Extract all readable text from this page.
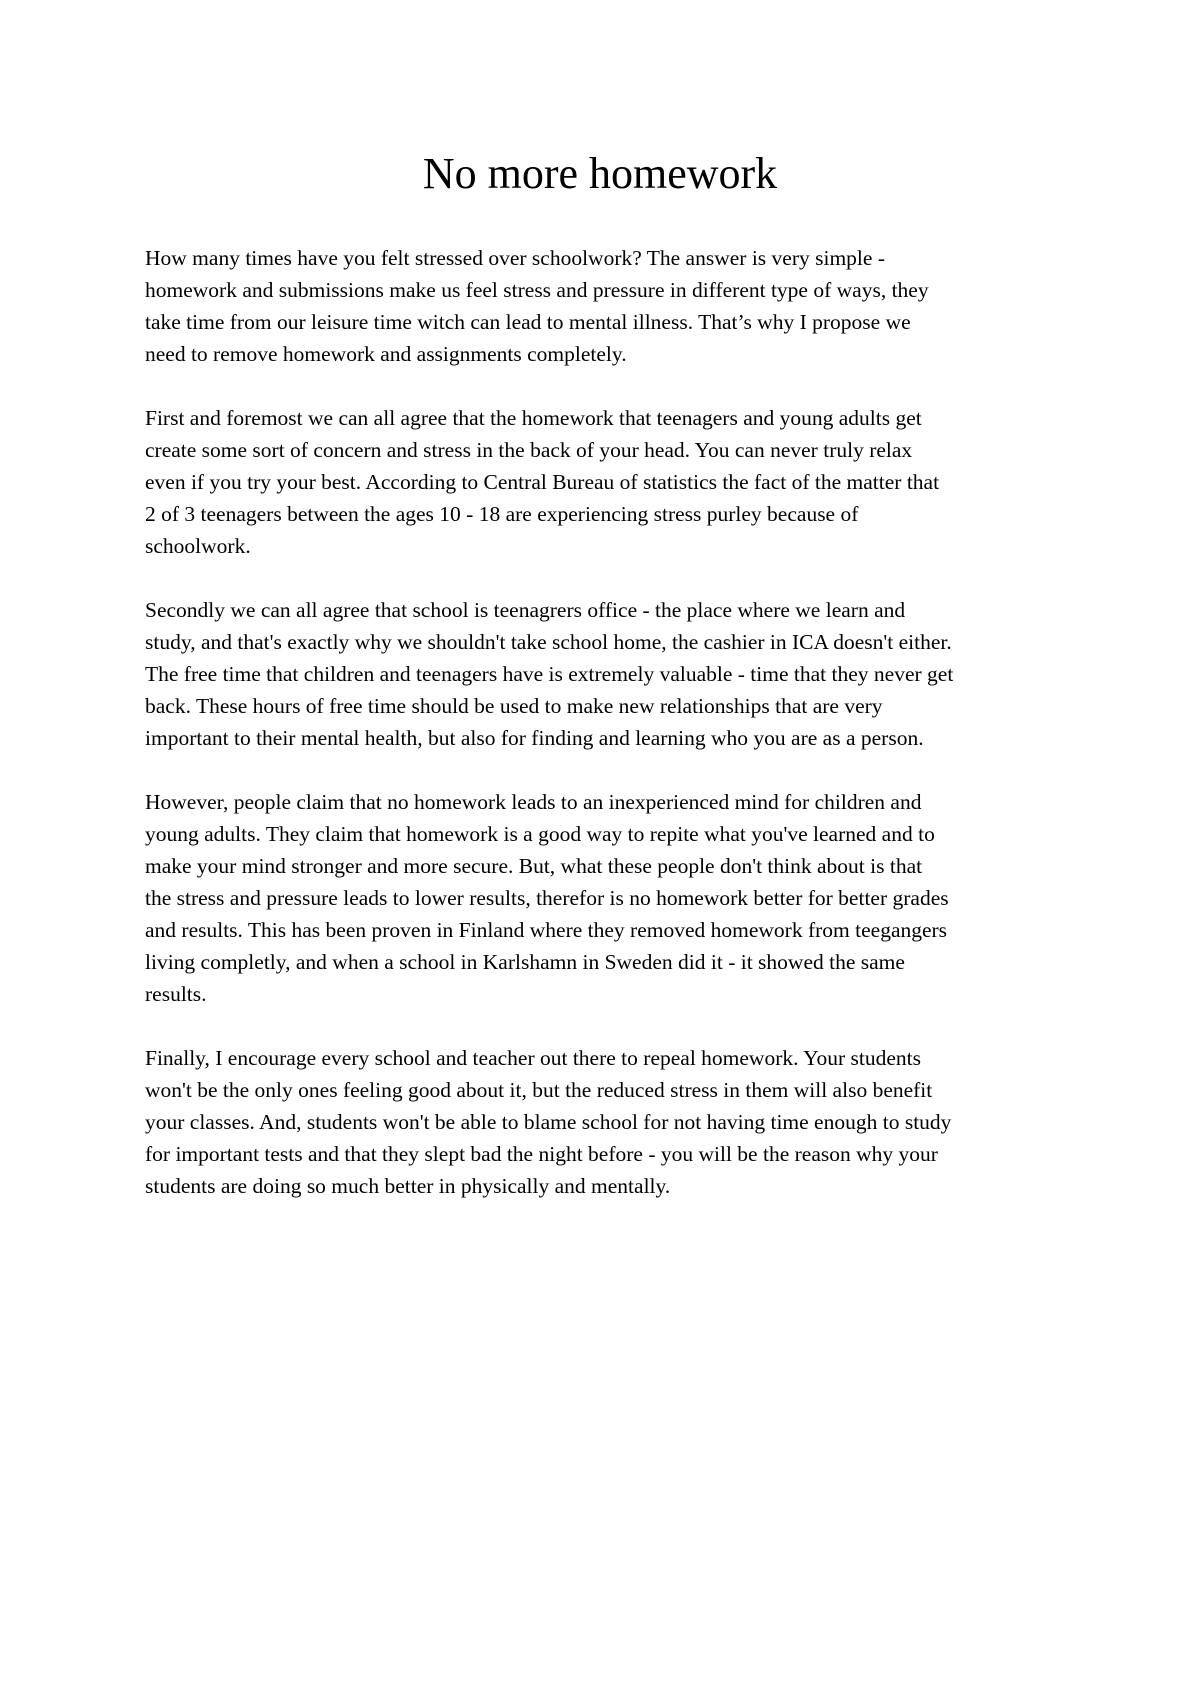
No more homework

How many times have you felt stressed over schoolwork? The answer is very simple -

homework and submissions make us feel stress and pressure in different type of ways, they

take time from our leisure time witch can lead to mental illness. That’s why I propose we

need to remove homework and assignments completely.

First and foremost we can all agree that the homework that teenagers and young adults get

create some sort of concern and stress in the back of your head. You can never truly relax

even if you try your best. According to Central Bureau of statistics the fact of the matter that

2 of 3 teenagers between the ages 10 - 18 are experiencing stress purley because of

schoolwork.

Secondly we can all agree that school is teenagrers office - the place where we learn and

study, and that's exactly why we shouldn't take school home, the cashier in ICA doesn't either.

The free time that children and teenagers have is extremely valuable - time that they never get

back. These hours of free time should be used to make new relationships that are very

important to their mental health, but also for finding and learning who you are as a person.

However, people claim that no homework leads to an inexperienced mind for children and

young adults. They claim that homework is a good way to repite what you've learned and to

make your mind stronger and more secure. But, what these people don't think about is that

the stress and pressure leads to lower results, therefor is no homework better for better grades

and results. This has been proven in Finland where they removed homework from teegangers

living completly, and when a school in Karlshamn in Sweden did it - it showed the same

results.

Finally, I encourage every school and teacher out there to repeal homework. Your students

won't be the only ones feeling good about it, but the reduced stress in them will also benefit

your classes. And, students won't be able to blame school for not having time enough to study

for important tests and that they slept bad the night before - you will be the reason why your

students are doing so much better in physically and mentally.
